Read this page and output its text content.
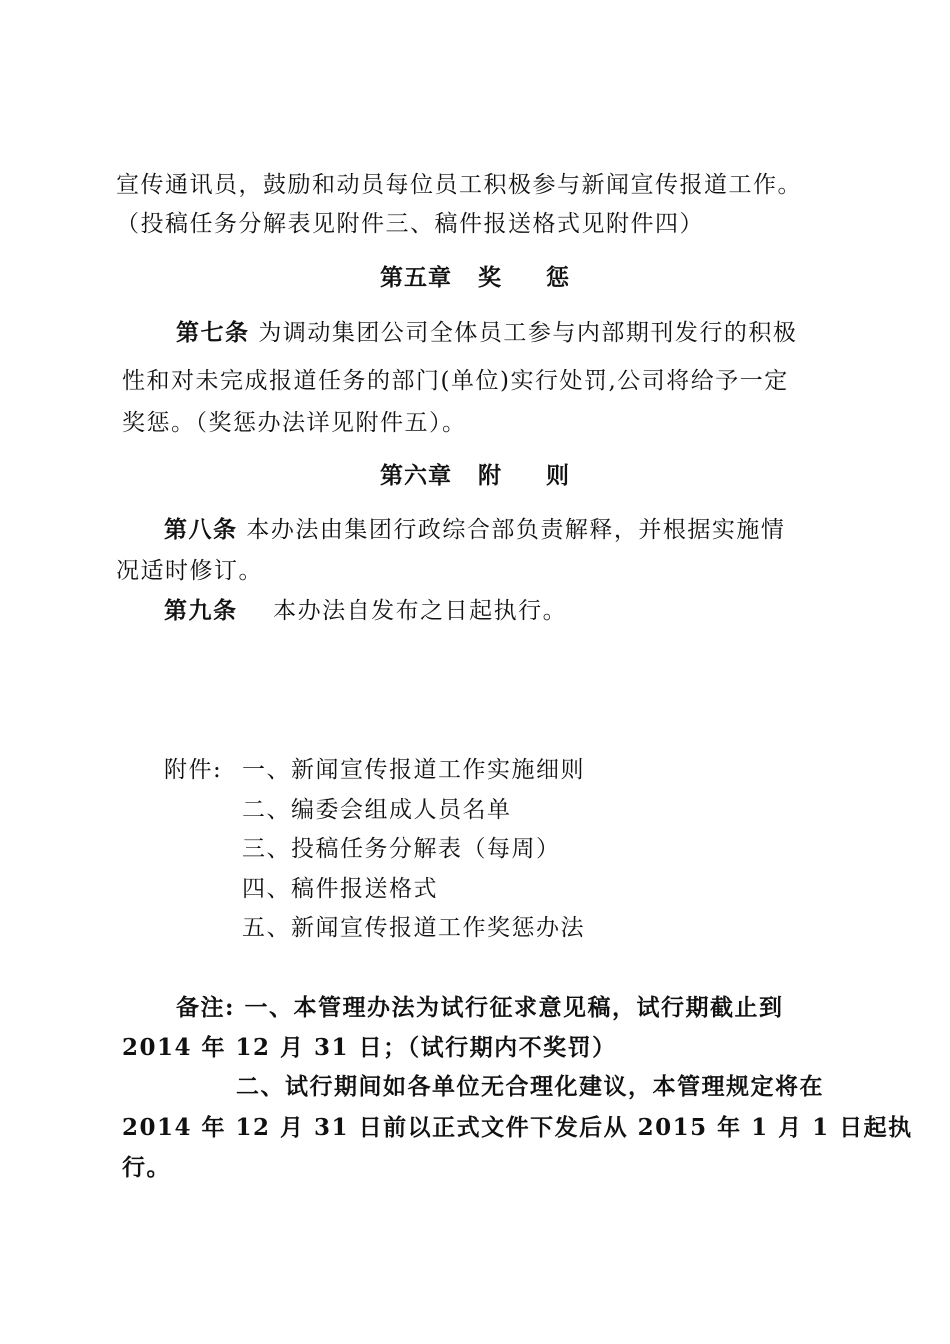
宣传通讯员，鼓励和动员每位员工积极参与新闻宣传报道工作。
（投稿任务分解表见附件三、稿件报送格式见附件四）
第五章 奖 惩
第七条 为调动集团公司全体员工参与内部期刊发行的积极
性和对未完成报道任务的部门(单位)实行处罚,公司将给予一定
奖惩。（奖惩办法详见附件五）。
第六章 附 则
第八条 本办法由集团行政综合部负责解释，并根据实施情
况适时修订。
第九条 本办法自发布之日起执行。
附件: 一、新闻宣传报道工作实施细则
二、编委会组成人员名单
三、投稿任务分解表（每周）
四、稿件报送格式
五、新闻宣传报道工作奖惩办法
备注: 一、本管理办法为试行征求意见稿，试行期截止到
2014 年 12 月 31 日；（试行期内不奖罚）
二、试行期间如各单位无合理化建议，本管理规定将在
2014 年 12 月 31 日前以正式文件下发后从 2015 年 1 月 1 日起执
行。
